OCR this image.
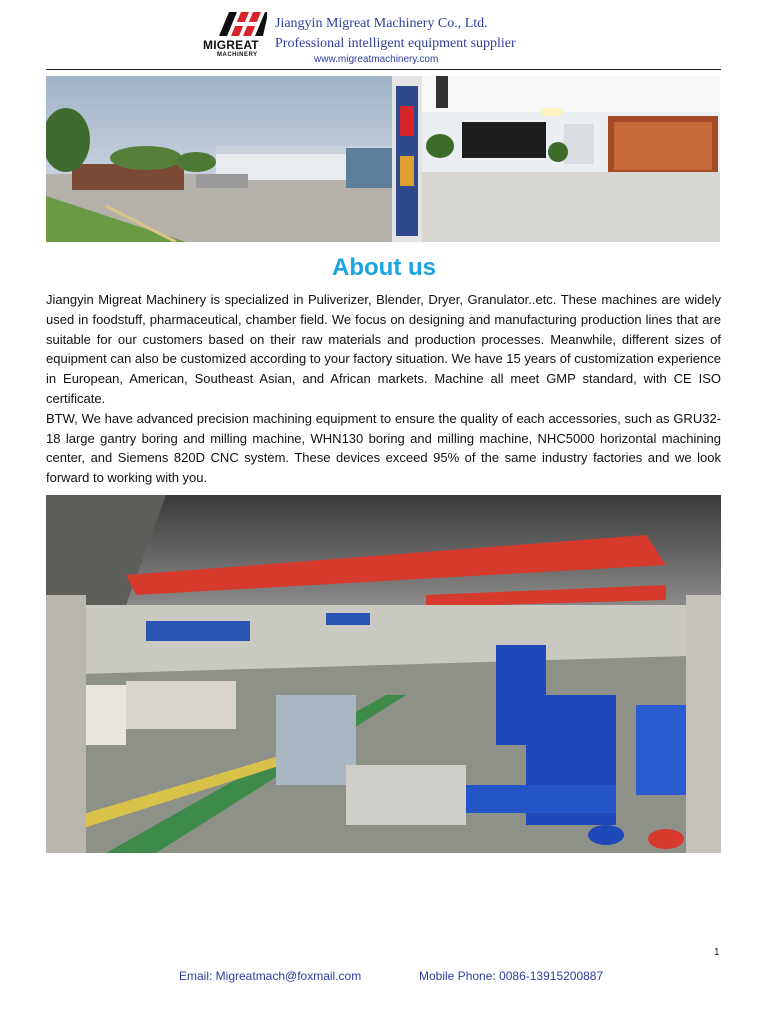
MIGREAT
MACHINERY
Jiangyin Migreat Machinery Co., Ltd.
Professional intelligent equipment supplier
www.migreatmachinery.com
About us

Jiangyin Migreat Machinery is specialized in Puliverizer, Blender, Dryer, Granulator..etc. These machines are widely used in foodstuff, pharmaceutical, chamber field. We focus on designing and manufacturing production lines that are suitable for our customers based on their raw materials and production processes. Meanwhile, different sizes of equipment can also be customized according to your factory situation. We have 15 years of customization experience in European, American, Southeast Asian, and African markets. Machine all meet GMP standard, with CE ISO certificate.

BTW, We have advanced precision machining equipment to ensure the quality of each accessories, such as GRU32-18 large gantry boring and milling machine, WHN130 boring and milling machine, NHC5000 horizontal machining center, and Siemens 820D CNC system. These devices exceed 95% of the same industry factories and we look forward to working with you.

1
Email: Migreatmach@foxmail.com	Mobile Phone: 0086-13915200887
